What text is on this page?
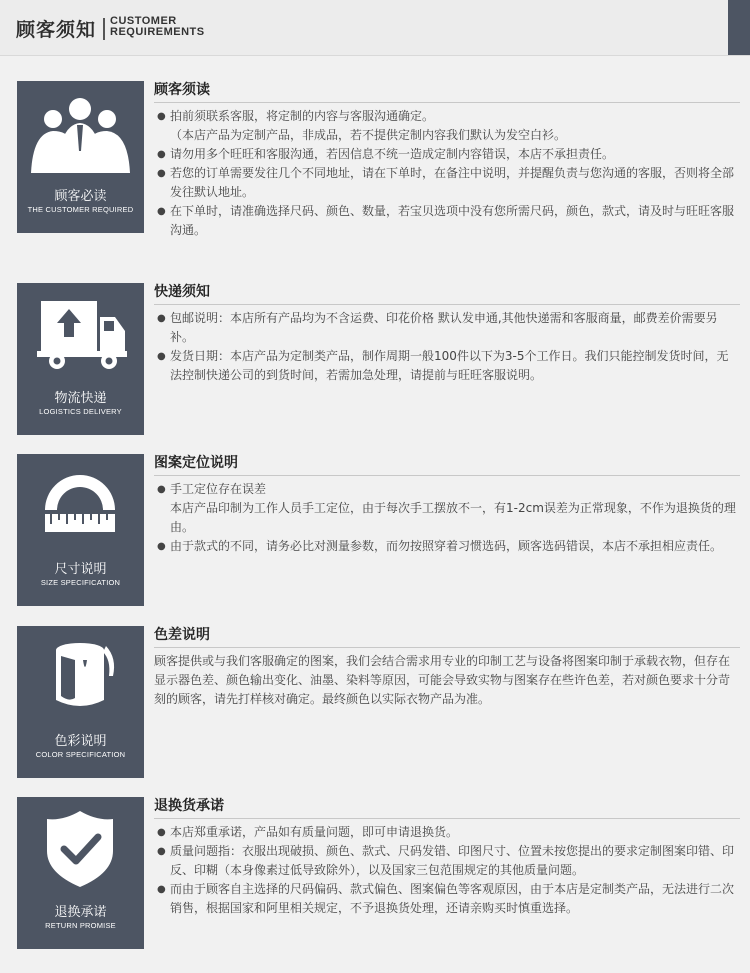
顾客须知 CUSTOMER
REQUIREMENTS
顾客必读
THE CUSTOMER REQUIRED
顾客须读
● 拍前须联系客服，将定制的内容与客服沟通确定。
（本店产品为定制产品，非成品，若不提供定制内容我们默认为发空白衫。
● 请勿用多个旺旺和客服沟通，若因信息不统一造成定制内容错误，本店不承担责任。
● 若您的订单需要发往几个不同地址，请在下单时，在备注中说明，并提醒负责与您沟通的客服，否则将全部发往默认地址。
● 在下单时，请准确选择尺码、颜色、数量，若宝贝选项中没有您所需尺码，颜色，款式，请及时与旺旺客服沟通。
物流快递
LOGISTICS DELIVERY
快递须知
● 包邮说明：本店所有产品均为不含运费、印花价格 默认发申通,其他快递需和客服商量，邮费差价需要另补。
● 发货日期：本店产品为定制类产品，制作周期一般100件以下为3-5个工作日。我们只能控制发货时间，无法控制快递公司的到货时间，若需加急处理，请提前与旺旺客服说明。
尺寸说明
SIZE SPECIFICATION
图案定位说明
● 手工定位存在误差
本店产品印制为工作人员手工定位，由于每次手工摆放不一，有1-2cm误差为正常现象，不作为退换货的理由。
● 由于款式的不同，请务必比对测量参数，而勿按照穿着习惯选码，顾客选码错误，本店不承担相应责任。
色彩说明
COLOR SPECIFICATION
色差说明

顾客提供或与我们客服确定的图案，我们会结合需求用专业的印制工艺与设备将图案印制于承载衣物，但存在显示器色差、颜色输出变化、油墨、染料等原因，可能会导致实物与图案存在些许色差，若对颜色要求十分苛刻的顾客，请先打样核对确定。最终颜色以实际衣物产品为准。

退换承诺
RETURN PROMISE
退换货承诺
● 本店郑重承诺，产品如有质量问题，即可申请退换货。
● 质量问题指：衣服出现破损、颜色、款式、尺码发错、印图尺寸、位置未按您提出的要求定制图案印错、印反、印糊（本身像素过低导致除外），以及国家三包范围规定的其他质量问题。
● 而由于顾客自主选择的尺码偏码、款式偏色、图案偏色等客观原因，由于本店是定制类产品，无法进行二次销售，根据国家和阿里相关规定，不予退换货处理，还请亲购买时慎重选择。
